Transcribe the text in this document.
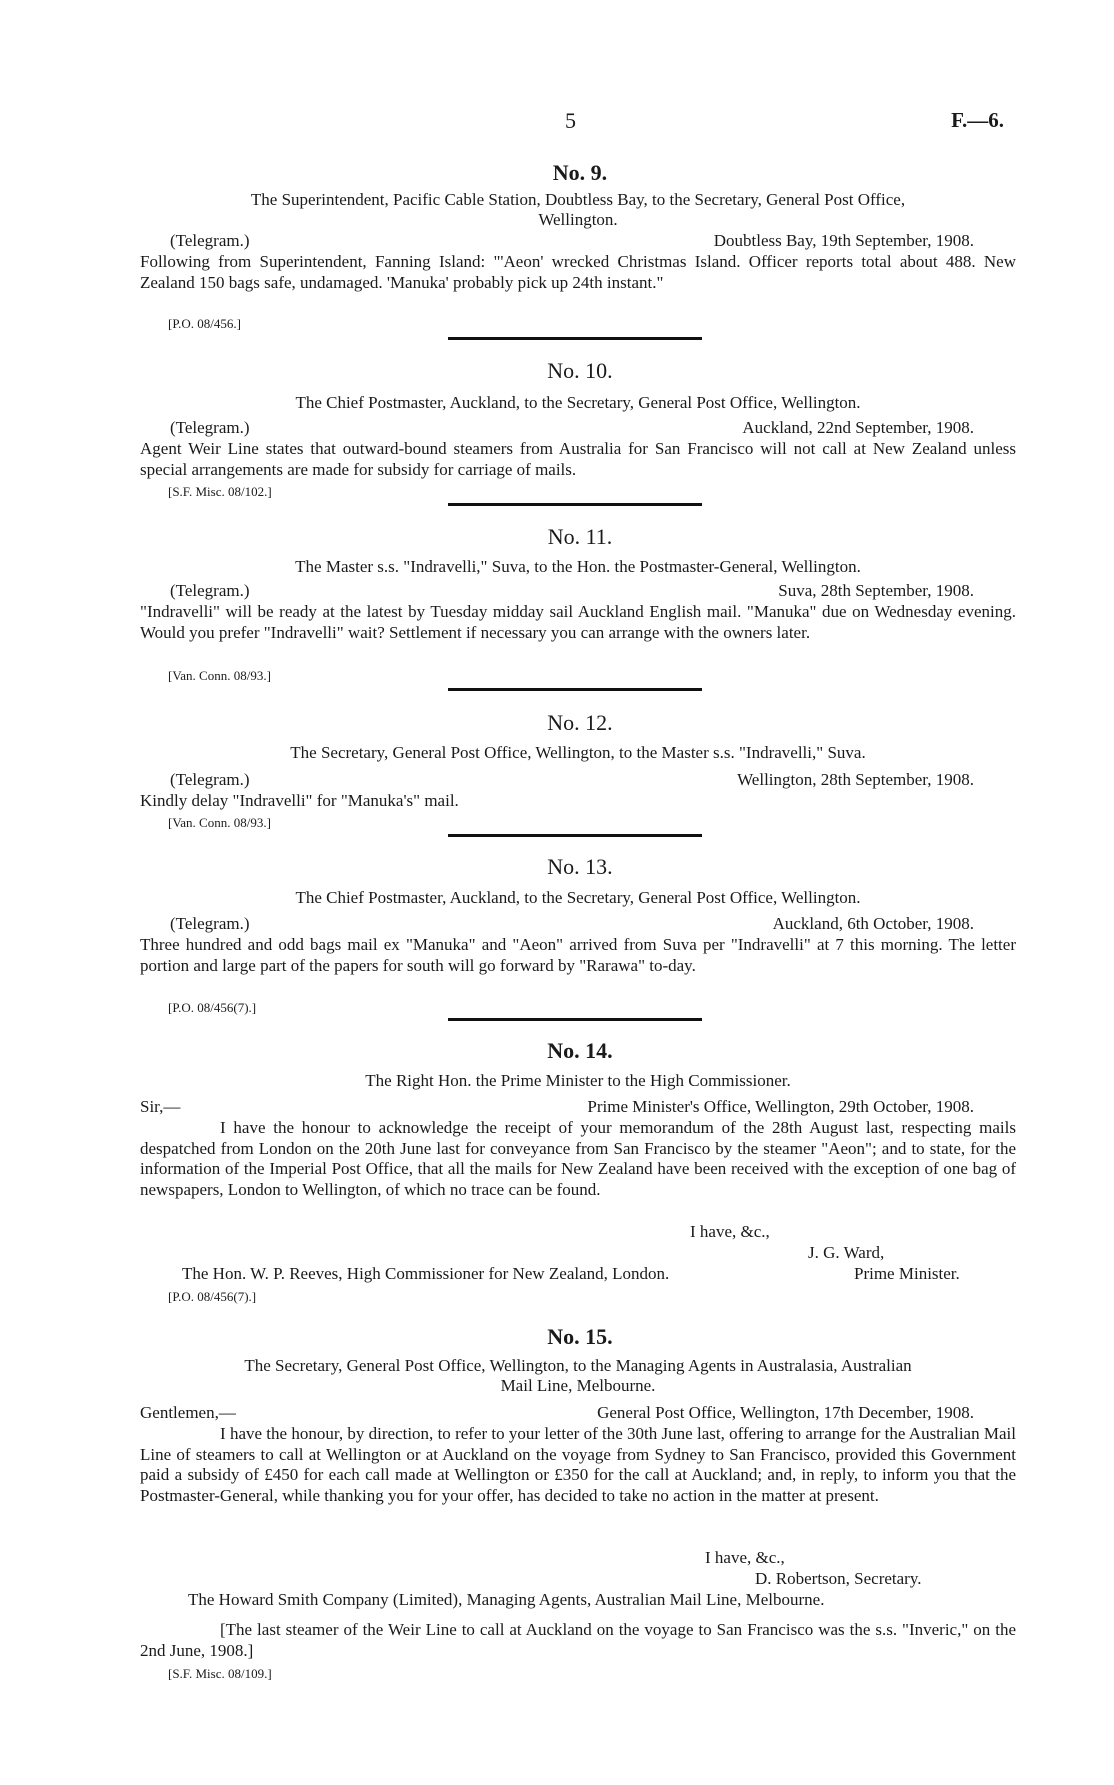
5	F.—6.
No. 9.
The Superintendent, Pacific Cable Station, Doubtless Bay, to the Secretary, General Post Office,
Wellington.
(Telegram.)	Doubtless Bay, 19th September, 1908.
Following from Superintendent, Fanning Island: "'Aeon' wrecked Christmas Island. Officer reports total about 488. New Zealand 150 bags safe, undamaged. 'Manuka' probably pick up 24th instant."
[P.O. 08/456.]
No. 10.
The Chief Postmaster, Auckland, to the Secretary, General Post Office, Wellington.
(Telegram.)	Auckland, 22nd September, 1908.
Agent Weir Line states that outward-bound steamers from Australia for San Francisco will not call at New Zealand unless special arrangements are made for subsidy for carriage of mails.
[S.F. Misc. 08/102.]
No. 11.
The Master s.s. "Indravelli," Suva, to the Hon. the Postmaster-General, Wellington.
(Telegram.)	Suva, 28th September, 1908.
"Indravelli" will be ready at the latest by Tuesday midday sail Auckland English mail. "Manuka" due on Wednesday evening. Would you prefer "Indravelli" wait? Settlement if necessary you can arrange with the owners later.
[Van. Conn. 08/93.]
No. 12.
The Secretary, General Post Office, Wellington, to the Master s.s. "Indravelli," Suva.
(Telegram.)	Wellington, 28th September, 1908.
Kindly delay "Indravelli" for "Manuka's" mail.
[Van. Conn. 08/93.]
No. 13.
The Chief Postmaster, Auckland, to the Secretary, General Post Office, Wellington.
(Telegram.)	Auckland, 6th October, 1908.
Three hundred and odd bags mail ex "Manuka" and "Aeon" arrived from Suva per "Indravelli" at 7 this morning. The letter portion and large part of the papers for south will go forward by "Rarawa" to-day.
[P.O. 08/456(7).]
No. 14.
The Right Hon. the Prime Minister to the High Commissioner.
Sir,—	Prime Minister's Office, Wellington, 29th October, 1908.
I have the honour to acknowledge the receipt of your memorandum of the 28th August last, respecting mails despatched from London on the 20th June last for conveyance from San Francisco by the steamer "Aeon"; and to state, for the information of the Imperial Post Office, that all the mails for New Zealand have been received with the exception of one bag of newspapers, London to Wellington, of which no trace can be found.
I have, &c.,
J. G. Ward,
The Hon. W. P. Reeves, High Commissioner for New Zealand, London.	Prime Minister.
[P.O. 08/456(7).]
No. 15.
The Secretary, General Post Office, Wellington, to the Managing Agents in Australasia, Australian
Mail Line, Melbourne.
Gentlemen,—	General Post Office, Wellington, 17th December, 1908.
I have the honour, by direction, to refer to your letter of the 30th June last, offering to arrange for the Australian Mail Line of steamers to call at Wellington or at Auckland on the voyage from Sydney to San Francisco, provided this Government paid a subsidy of £450 for each call made at Wellington or £350 for the call at Auckland; and, in reply, to inform you that the Postmaster-General, while thanking you for your offer, has decided to take no action in the matter at present.
I have, &c.,
D. Robertson, Secretary.
The Howard Smith Company (Limited), Managing Agents, Australian Mail Line, Melbourne.
[The last steamer of the Weir Line to call at Auckland on the voyage to San Francisco was the s.s. "Inveric," on the 2nd June, 1908.]
[S.F. Misc. 08/109.]
